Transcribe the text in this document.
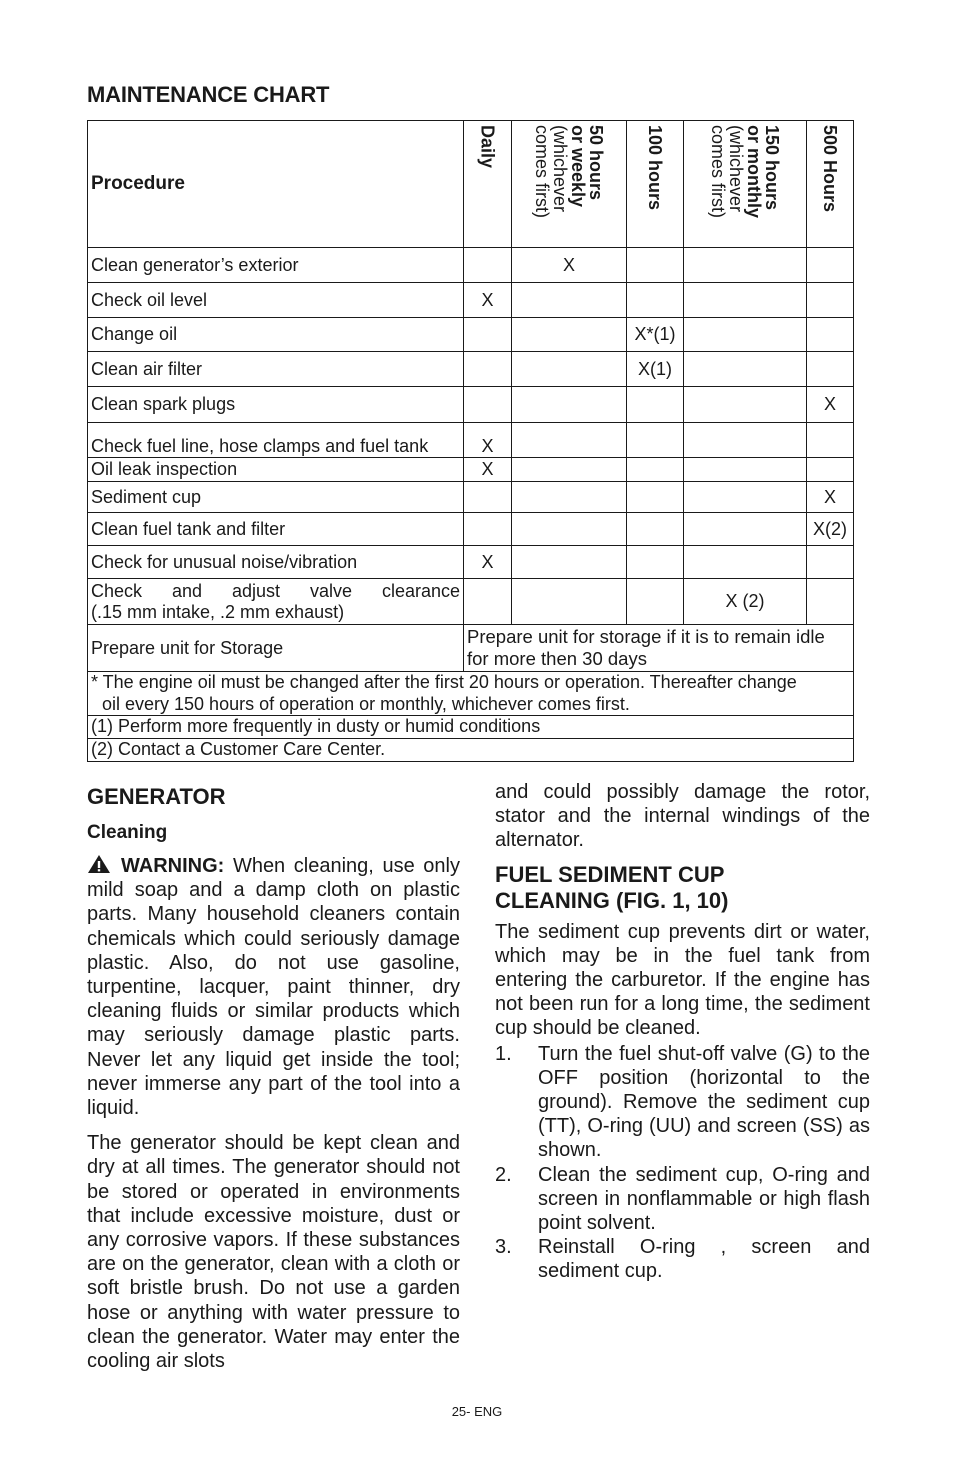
MAINTENANCE CHART
Procedure	Daily	50 hours
or weekly
(whichever
comes first)	100 hours	150 hours
or monthly
(whichever
comes first)	500 Hours

Clean generator’s exterior		X			
Check oil level	X				
Change oil			X*(1)		
Clean air filter			X(1)		
Clean spark plugs					X
Check fuel line, hose clamps and fuel tank	X				
Oil leak inspection	X				
Sediment cup					X
Clean fuel tank and filter					X(2)
Check for unusual noise/vibration	X				
Check and adjust valve clearance
(.15 mm intake, .2 mm exhaust)				X (2)	
Prepare unit for Storage	Prepare unit for storage if it is to remain idle for more then 30 days				
* The engine oil must be changed after the first 20 hours or operation. Thereafter change
oil every 150 hours of operation or monthly, whichever comes first.					

(1) Perform more frequently in dusty or humid conditions					
(2) Contact a Customer Care Center.					
GENERATOR
Cleaning

WARNING: When cleaning, use only mild soap and a damp cloth on plastic parts. Many household cleaners contain chemicals which could seriously damage plastic. Also, do not use gasoline, turpentine, lacquer, paint thinner, dry cleaning fluids or similar products which may seriously damage plastic parts. Never let any liquid get inside the tool; never immerse any part of the tool into a liquid.

The generator should be kept clean and dry at all times. The generator should not be stored or operated in environments that include excessive moisture, dust or any corrosive vapors. If these substances are on the generator, clean with a cloth or soft bristle brush. Do not use a garden hose or anything with water pressure to clean the generator. Water may enter the cooling air slots

and could possibly damage the rotor, stator and the internal windings of the alternator.

FUEL SEDIMENT CUP
CLEANING (FIG. 1, 10)

The sediment cup prevents dirt or water, which may be in the fuel tank from entering the carburetor. If the engine has not been run for a long time, the sediment cup should be cleaned.

1. Turn the fuel shut-off valve (G) to the OFF position (horizontal to the ground). Remove the sediment cup (TT), O-ring (UU) and screen (SS) as shown.
2. Clean the sediment cup, O-ring and screen in nonflammable or high flash point solvent.
3. Reinstall O-ring , screen and sediment cup.
25- ENG
